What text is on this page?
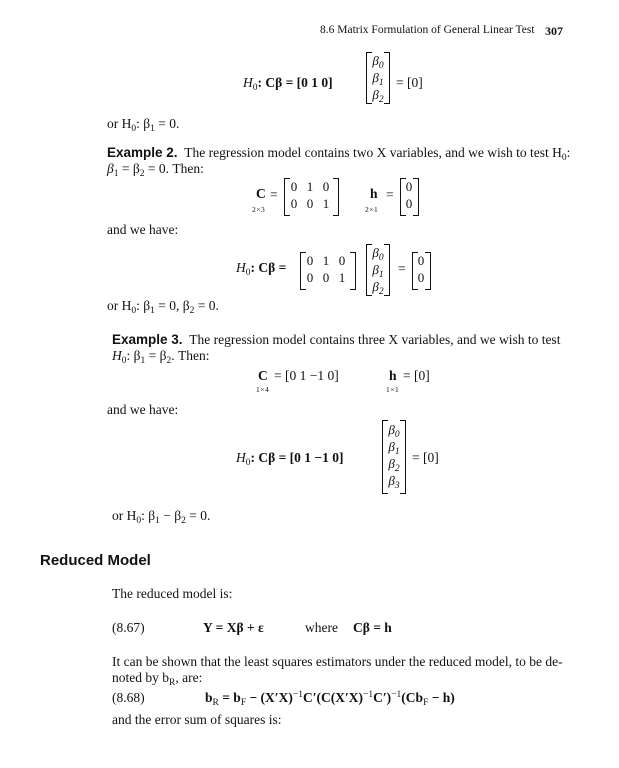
8.6 Matrix Formulation of General Linear Test 307
$H_0$: Cβ = [0 1 0]
$\beta_0$
$\beta_1$
$\beta_2$
= [0]
or $H_0$: $\beta_1 = 0$.
Example 2. The regression model contains two X variables, and we wish to test $H_0$:
$\beta_1 = \beta_2 = 0$. Then:
C
2×3
=
0 1 0
0 0 1
h
2×1
=
0
0
and we have:
$H_0$: Cβ = 0 1 0
0 0 1
$\beta_0$
$\beta_1$
$\beta_2$
=
0
0
or $H_0$: $\beta_1 = 0$, $\beta_2 = 0$.
Example 3. The regression model contains three X variables, and we wish to test
$H_0$: $\beta_1 = \beta_2$. Then:
C
1×4
= [0 1 −1 0]	h
1×1
= [0]
and we have:
$H_0$: Cβ = [0 1 −1 0]
$\beta_0$
$\beta_1$
$\beta_2$
$\beta_3$
= [0]
or $H_0$: $\beta_1 - \beta_2 = 0$.
Reduced Model
The reduced model is:
(8.67)	Y = Xβ + ε	where Cβ = h
It can be shown that the least squares estimators under the reduced model, to be de-
noted by $b_R$, are:
(8.68)	$b_R = b_F - (X'X)^{-1}C'(C(X'X)^{-1}C')^{-1}(Cb_F - h)$
and the error sum of squares is:
